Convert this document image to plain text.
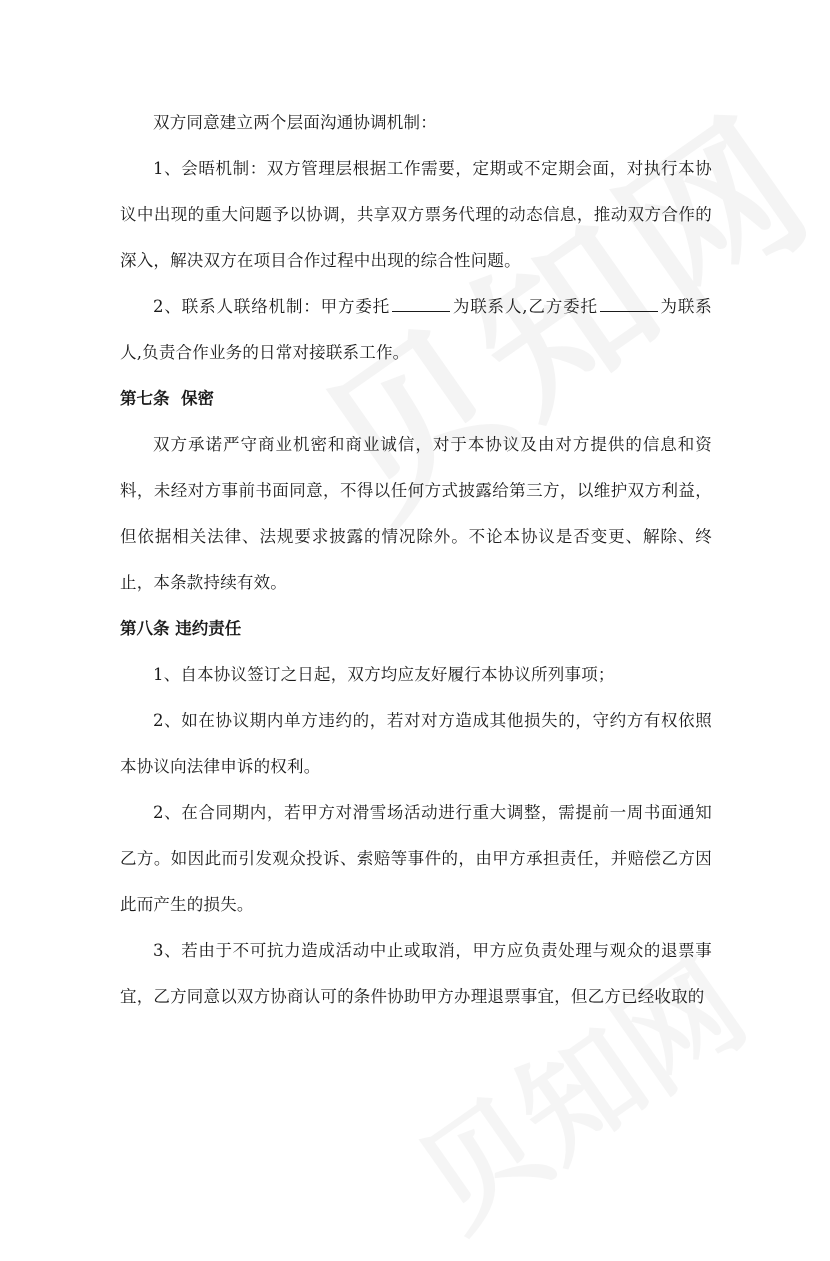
双方同意建立两个层面沟通协调机制：

1、会晤机制：双方管理层根据工作需要，定期或不定期会面，对执行本协议中出现的重大问题予以协调，共享双方票务代理的动态信息，推动双方合作的深入，解决双方在项目合作过程中出现的综合性问题。

2、联系人联络机制：甲方委托	为联系人,乙方委托	为联系人,负责合作业务的日常对接联系工作。

第七条  保密

双方承诺严守商业机密和商业诚信，对于本协议及由对方提供的信息和资料，未经对方事前书面同意，不得以任何方式披露给第三方，以维护双方利益，但依据相关法律、法规要求披露的情况除外。不论本协议是否变更、解除、终止，本条款持续有效。

第八条 违约责任

1、自本协议签订之日起，双方均应友好履行本协议所列事项；

2、如在协议期内单方违约的，若对对方造成其他损失的，守约方有权依照本协议向法律申诉的权利。

2、在合同期内，若甲方对滑雪场活动进行重大调整，需提前一周书面通知乙方。如因此而引发观众投诉、索赔等事件的，由甲方承担责任，并赔偿乙方因此而产生的损失。

3、若由于不可抗力造成活动中止或取消，甲方应负责处理与观众的退票事宜，乙方同意以双方协商认可的条件协助甲方办理退票事宜，但乙方已经收取的
